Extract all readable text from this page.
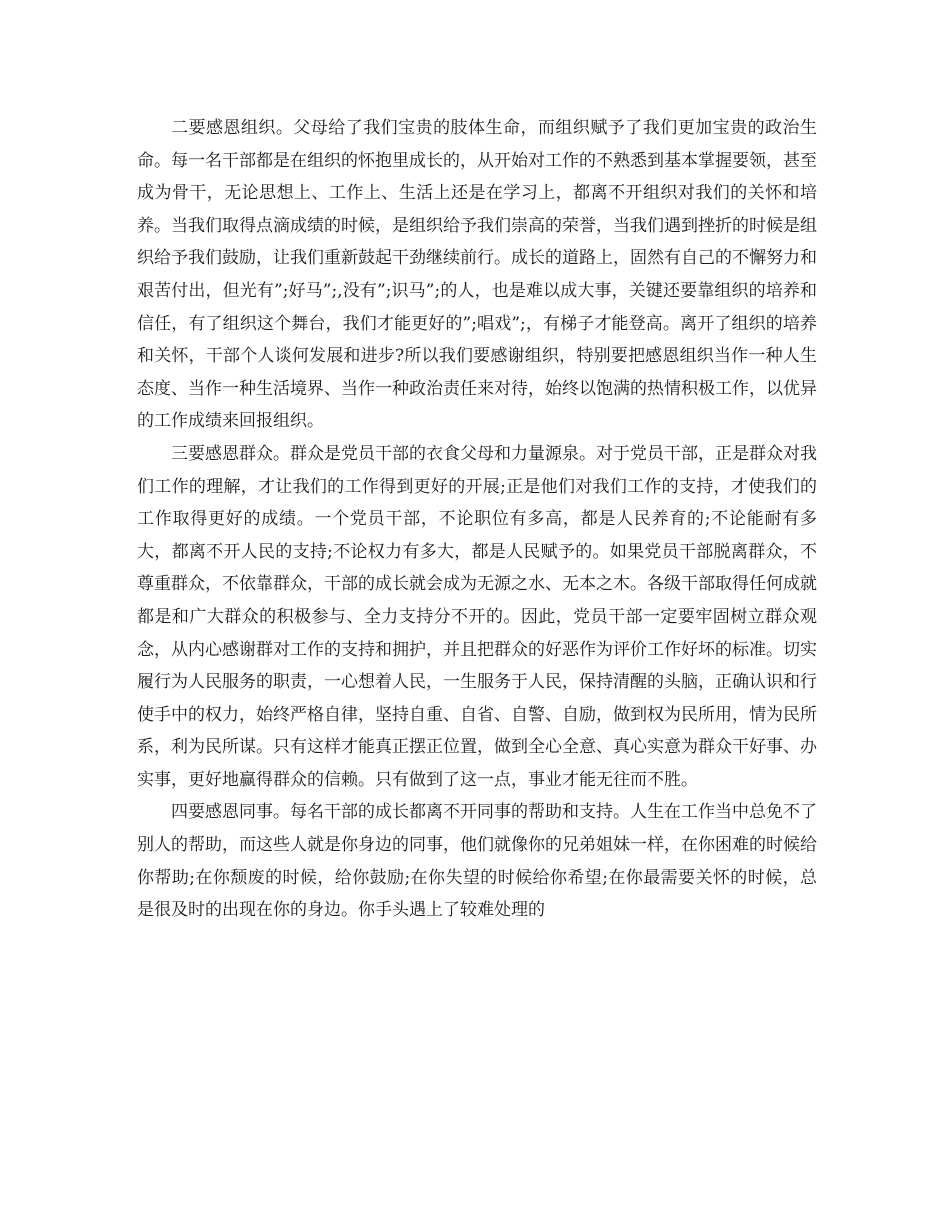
二要感恩组织。父母给了我们宝贵的肢体生命，而组织赋予了我们更加宝贵的政治生命。每一名干部都是在组织的怀抱里成长的，从开始对工作的不熟悉到基本掌握要领，甚至成为骨干，无论思想上、工作上、生活上还是在学习上，都离不开组织对我们的关怀和培养。当我们取得点滴成绩的时候，是组织给予我们崇高的荣誉，当我们遇到挫折的时候是组织给予我们鼓励，让我们重新鼓起干劲继续前行。成长的道路上，固然有自己的不懈努力和艰苦付出，但光有”;好马”;,没有”;识马”;的人，也是难以成大事，关键还要靠组织的培养和信任，有了组织这个舞台，我们才能更好的”;唱戏”;，有梯子才能登高。离开了组织的培养和关怀，干部个人谈何发展和进步?所以我们要感谢组织，特别要把感恩组织当作一种人生态度、当作一种生活境界、当作一种政治责任来对待，始终以饱满的热情积极工作，以优异的工作成绩来回报组织。

三要感恩群众。群众是党员干部的衣食父母和力量源泉。对于党员干部，正是群众对我们工作的理解，才让我们的工作得到更好的开展;正是他们对我们工作的支持，才使我们的工作取得更好的成绩。一个党员干部，不论职位有多高，都是人民养育的;不论能耐有多大，都离不开人民的支持;不论权力有多大，都是人民赋予的。如果党员干部脱离群众，不尊重群众，不依靠群众，干部的成长就会成为无源之水、无本之木。各级干部取得任何成就都是和广大群众的积极参与、全力支持分不开的。因此，党员干部一定要牢固树立群众观念，从内心感谢群对工作的支持和拥护，并且把群众的好恶作为评价工作好坏的标准。切实履行为人民服务的职责，一心想着人民，一生服务于人民，保持清醒的头脑，正确认识和行使手中的权力，始终严格自律，坚持自重、自省、自警、自励，做到权为民所用，情为民所系，利为民所谋。只有这样才能真正摆正位置，做到全心全意、真心实意为群众干好事、办实事，更好地赢得群众的信赖。只有做到了这一点，事业才能无往而不胜。

四要感恩同事。每名干部的成长都离不开同事的帮助和支持。人生在工作当中总免不了别人的帮助，而这些人就是你身边的同事，他们就像你的兄弟姐妹一样，在你困难的时候给你帮助;在你颓废的时候，给你鼓励;在你失望的时候给你希望;在你最需要关怀的时候，总是很及时的出现在你的身边。你手头遇上了较难处理的
